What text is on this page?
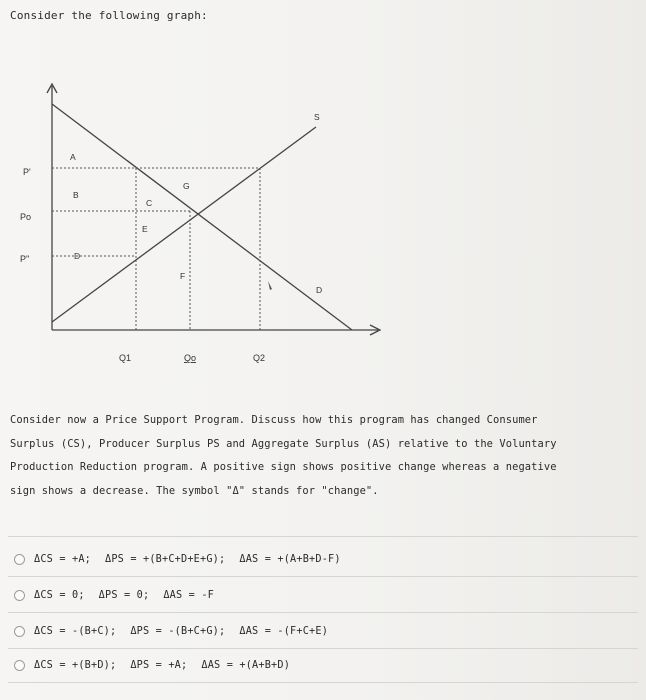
Consider the following graph:
P'
Po
P''
Q1	Qo	Q2
S
D
A
B
C
G
E
D
F
Consider now a Price Support Program. Discuss how this program has changed Consumer
Surplus (CS), Producer Surplus PS and Aggregate Surplus (AS) relative to the Voluntary
Production Reduction program. A positive sign shows positive change whereas a negative
sign shows a decrease. The symbol "Δ" stands for "change".
ΔCS = +A; ΔPS = +(B+C+D+E+G); ΔAS = +(A+B+D-F)
ΔCS = 0; ΔPS = 0; ΔAS = -F
ΔCS = -(B+C); ΔPS = -(B+C+G); ΔAS = -(F+C+E)
ΔCS = +(B+D); ΔPS = +A; ΔAS = +(A+B+D)
